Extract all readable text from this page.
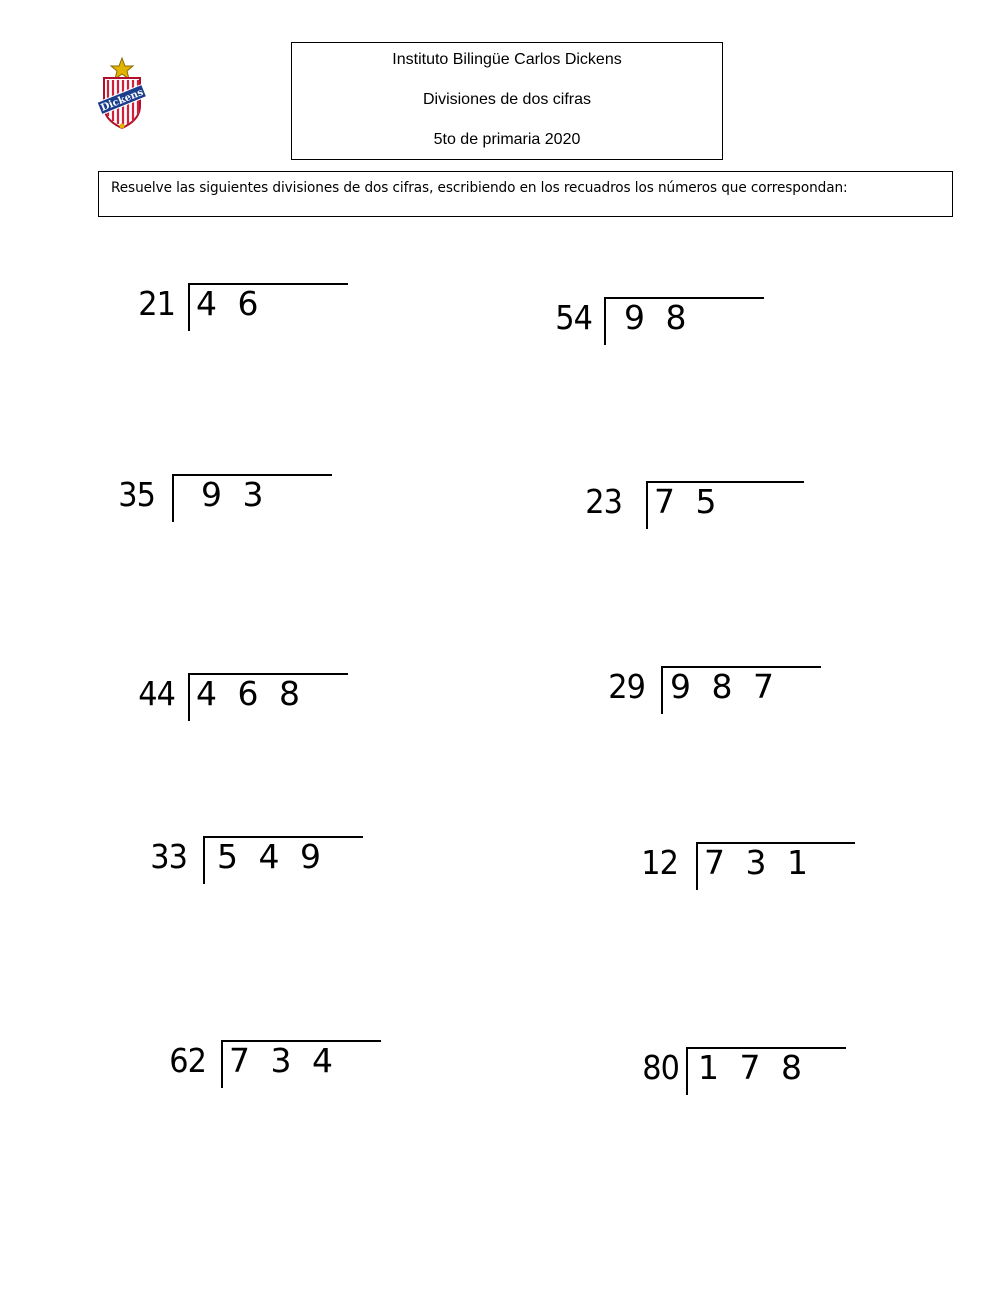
Dickens
Instituto Bilingüe Carlos Dickens
Divisiones de dos cifras
5to de primaria 2020
Resuelve las siguientes divisiones de dos cifras, escribiendo en los recuadros los números que correspondan:
21 4 6
35 9 3
44 4 6 8
33 5 4 9
62 7 3 4
54 9 8
23 7 5
29 9 8 7
12 7 3 1
80 1 7 8
